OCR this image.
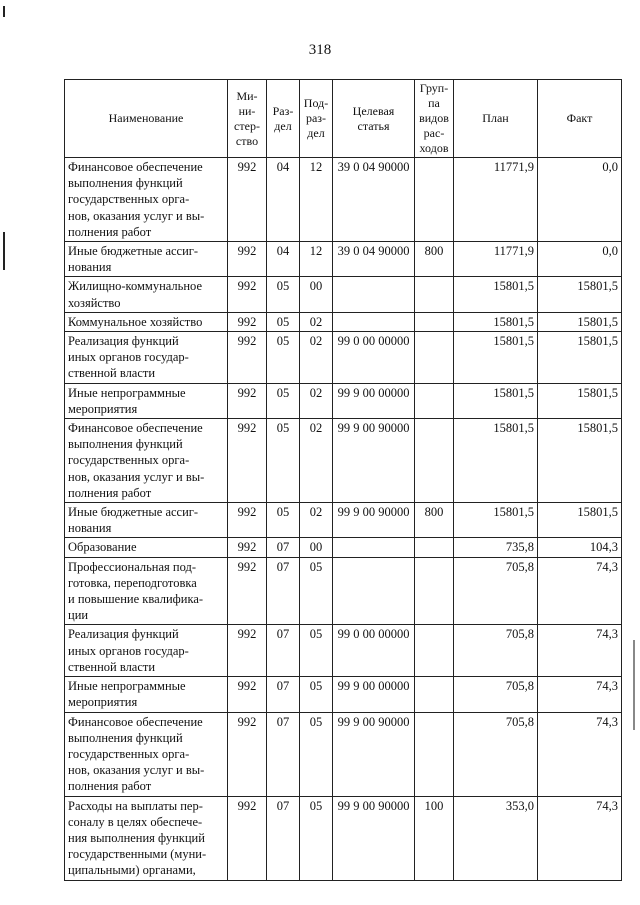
318
Наименование	Ми-
ни-
стер-
ство	Раз-
дел	Под-
раз-
дел	Целевая
статья	Груп-
па
видов
рас-
ходов	План	Факт
Финансовое обеспечение
выполнения функций
государственных орга-
нов, оказания услуг и вы-
полнения работ	992	04	12	39 0 04 90000		11771,9	0,0
Иные бюджетные ассиг-
нования	992	04	12	39 0 04 90000	800	11771,9	0,0
Жилищно-коммунальное
хозяйство	992	05	00			15801,5	15801,5
Коммунальное хозяйство	992	05	02			15801,5	15801,5
Реализация функций
иных органов государ-
ственной власти	992	05	02	99 0 00 00000		15801,5	15801,5
Иные непрограммные
мероприятия	992	05	02	99 9 00 00000		15801,5	15801,5
Финансовое обеспечение
выполнения функций
государственных орга-
нов, оказания услуг и вы-
полнения работ	992	05	02	99 9 00 90000		15801,5	15801,5
Иные бюджетные ассиг-
нования	992	05	02	99 9 00 90000	800	15801,5	15801,5
Образование	992	07	00			735,8	104,3
Профессиональная под-
готовка, переподготовка
и повышение квалифика-
ции	992	07	05			705,8	74,3
Реализация функций
иных органов государ-
ственной власти	992	07	05	99 0 00 00000		705,8	74,3
Иные непрограммные
мероприятия	992	07	05	99 9 00 00000		705,8	74,3
Финансовое обеспечение
выполнения функций
государственных орга-
нов, оказания услуг и вы-
полнения работ	992	07	05	99 9 00 90000		705,8	74,3
Расходы на выплаты пер-
соналу в целях обеспече-
ния выполнения функций
государственными (муни-
ципальными) органами,	992	07	05	99 9 00 90000	100	353,0	74,3
